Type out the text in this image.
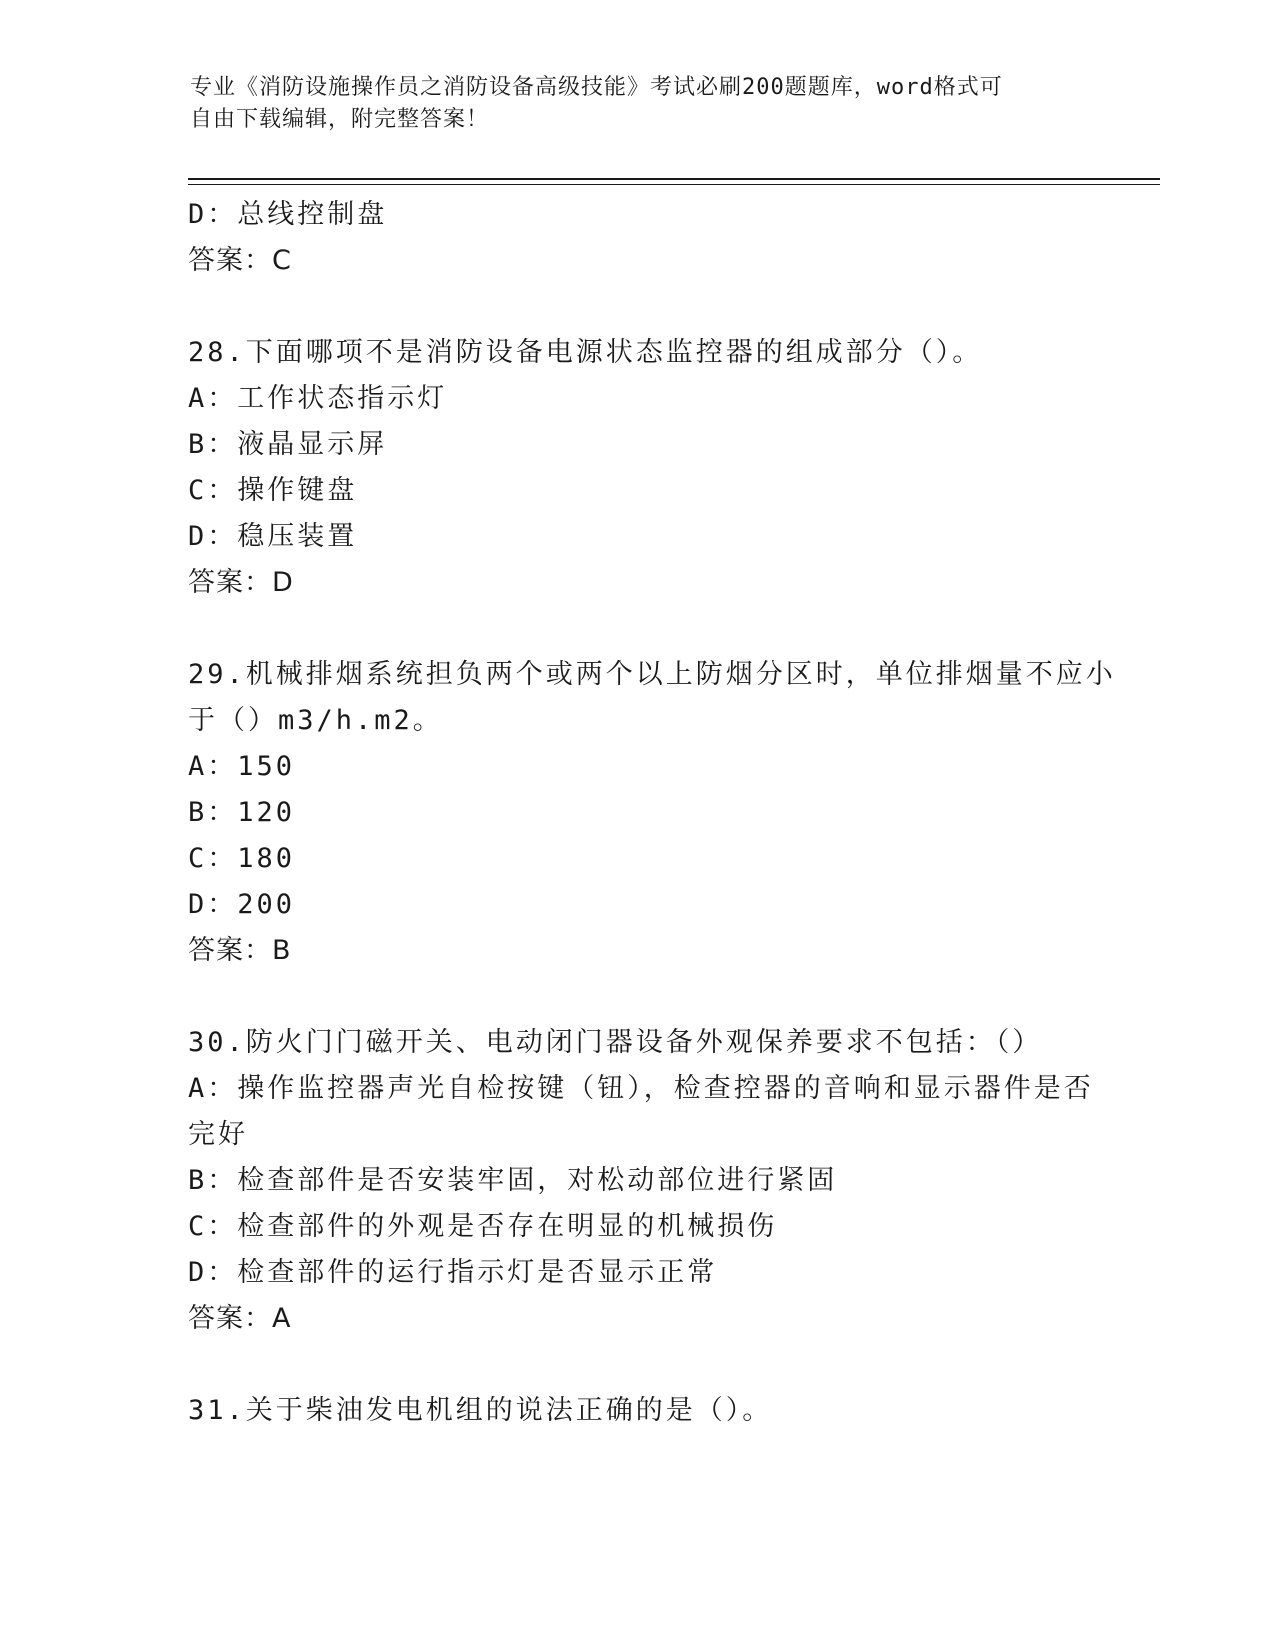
专业《消防设施操作员之消防设备高级技能》考试必刷200题题库，word格式可
自由下载编辑，附完整答案！
D：总线控制盘
答案：C
28.下面哪项不是消防设备电源状态监控器的组成部分（）。
A：工作状态指示灯
B：液晶显示屏
C：操作键盘
D：稳压装置
答案：D
29.机械排烟系统担负两个或两个以上防烟分区时，单位排烟量不应小
于（）m3/h.m2。
A：150
B：120
C：180
D：200
答案：B
30.防火门门磁开关、电动闭门器设备外观保养要求不包括：（）
A：操作监控器声光自检按键（钮），检查控器的音响和显示器件是否
完好
B：检查部件是否安装牢固，对松动部位进行紧固
C：检查部件的外观是否存在明显的机械损伤
D：检查部件的运行指示灯是否显示正常
答案：A
31.关于柴油发电机组的说法正确的是（）。
